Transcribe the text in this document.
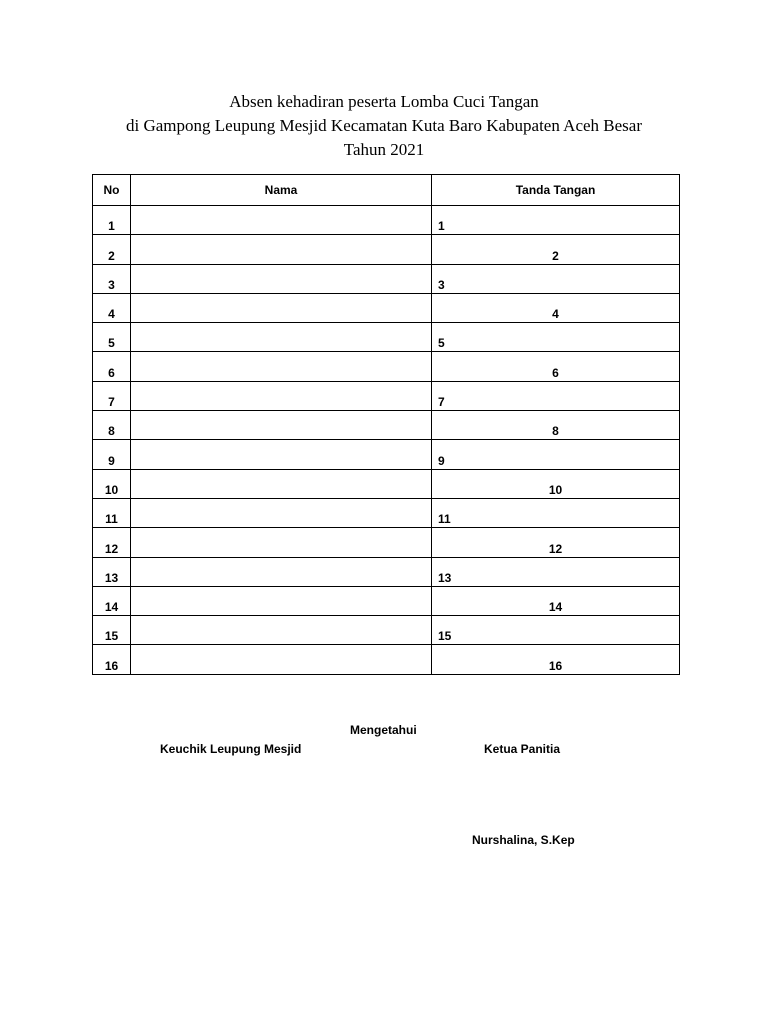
Absen kehadiran peserta Lomba Cuci Tangan
di Gampong Leupung Mesjid Kecamatan Kuta Baro Kabupaten Aceh Besar
Tahun 2021
No	Nama	Tanda Tangan
1		1
2		2
3		3
4		4
5		5
6		6
7		7
8		8
9		9
10		10
11		11
12		12
13		13
14		14
15		15
16		16
Mengetahui
Keuchik Leupung Mesjid	Ketua Panitia
Nurshalina, S.Kep
